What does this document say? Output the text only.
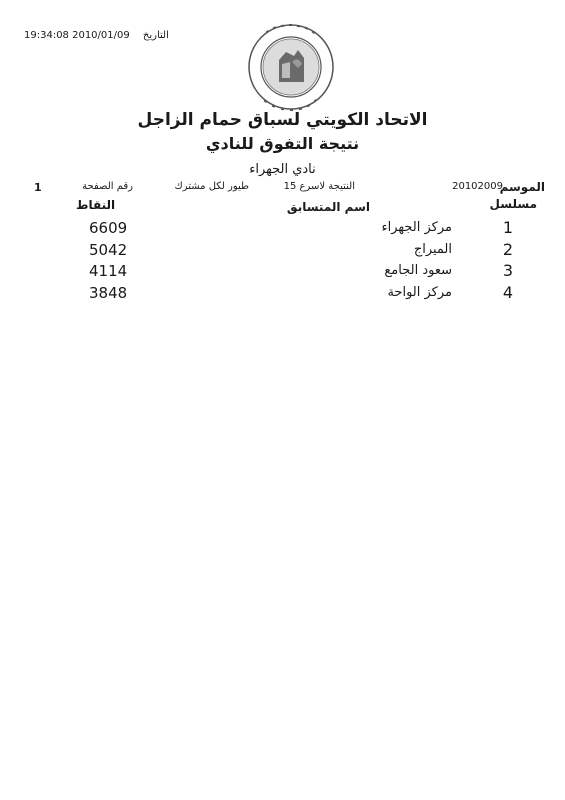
19:34:08 2010/01/09 التاريخ
الاتحاد الكويتي لسباق حمام الزاجل
نتيجة التفوق للنادي
نادي الجهراء
الموسم
20102009
النتيجة لاسرع 15
طيور لكل مشترك
رقم الصفحة
1
مسلسل
اسم المتسابق
النقاط
1
مركز الجهراء
6609
2
الميراج
5042
3
سعود الجامع
4114
4
مركز الواحة
3848
